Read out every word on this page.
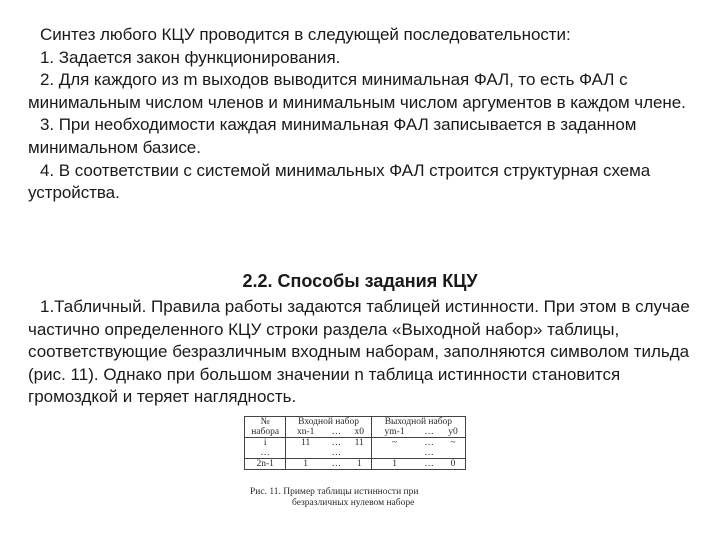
Синтез любого КЦУ проводится в следующей последовательности:

1. Задается закон функционирования.

2. Для каждого из m выходов выводится минимальная ФАЛ, то есть ФАЛ с минимальным числом членов и минимальным числом аргументов в каждом члене.

3. При необходимости каждая минимальная ФАЛ записывается в заданном минимальном базисе.

4. В соответствии с системой минимальных ФАЛ строится структурная схема устройства.

2.2. Способы задания КЦУ

1.Табличный. Правила работы задаются таблицей истинности. При этом в случае частично определенного КЦУ строки раздела «Выходной набор» таблицы, соответствующие безразличным входным наборам, заполняются символом тильда (рис. 11). Однако при большом значении n таблица истинности становится громоздкой и теряет наглядность.

№	Входной набор			Выходной набор		
набора	xn-1	…	x0	ym-1	…	y0
i	11	…	11	~	…	~
…		…			…	
2n-1	1	…	1	1	…	0
Рис. 11. Пример таблицы истинности при
безразличных нулевом наборе
